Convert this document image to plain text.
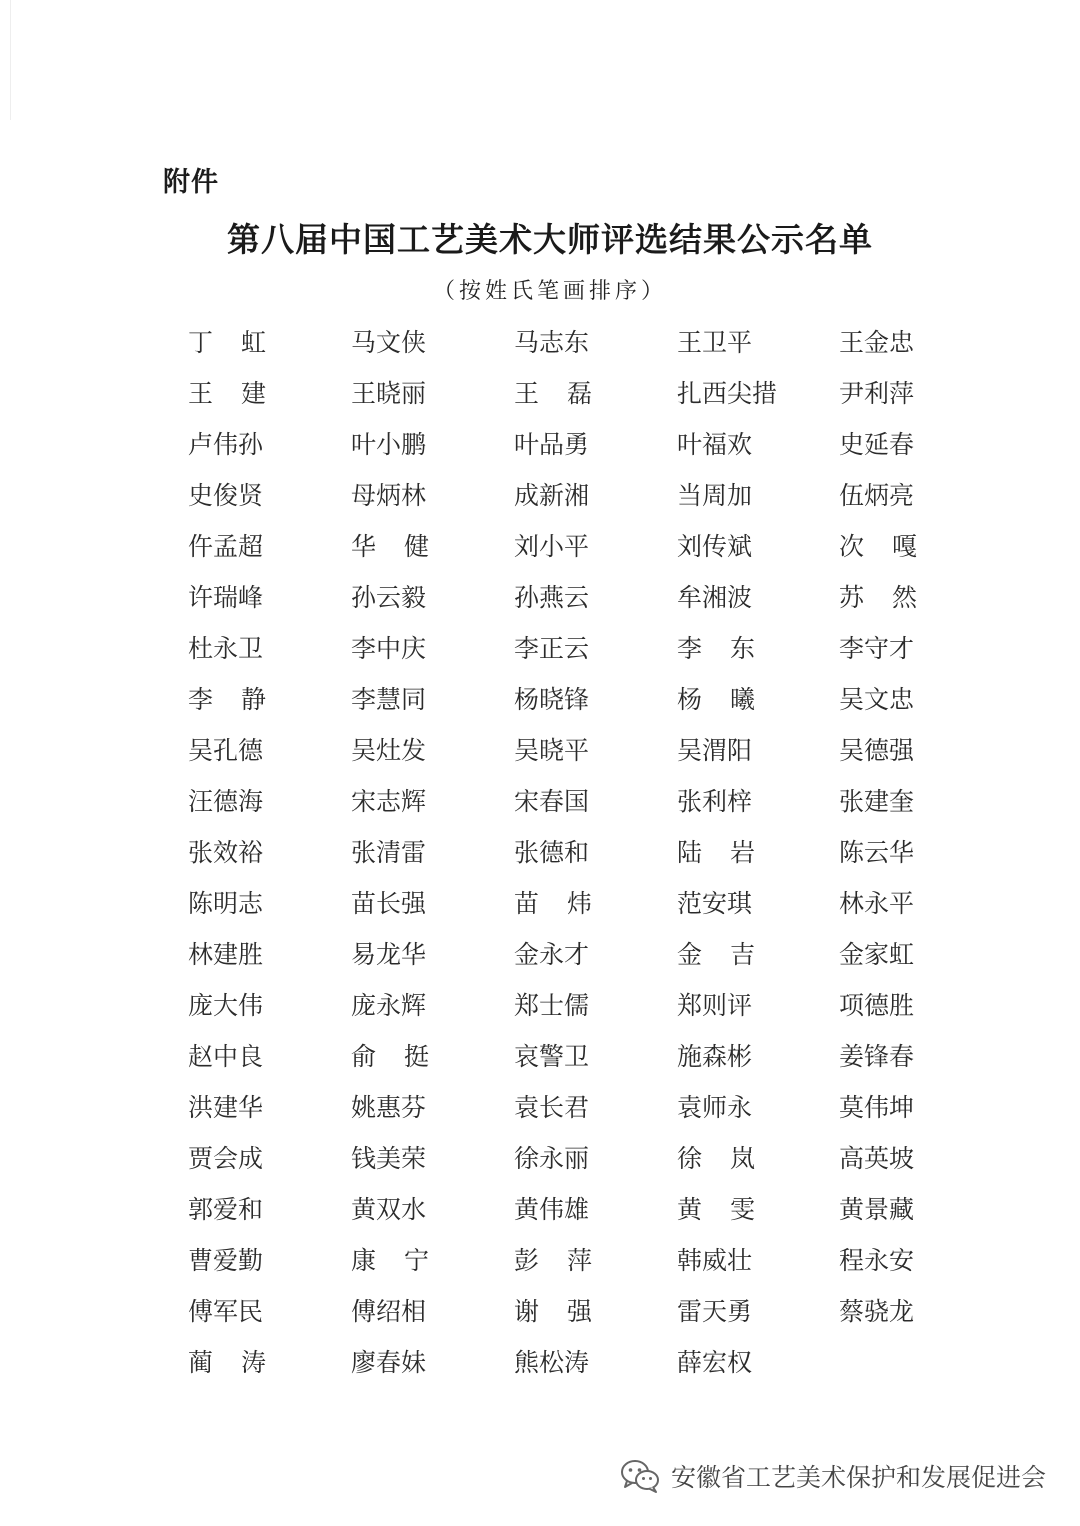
附件
第八届中国工艺美术大师评选结果公示名单
（按姓氏笔画排序）
丁 虹	马文侠	马志东	王卫平	王金忠
王 建	王晓丽	王 磊	扎西尖措	尹利萍
卢伟孙	叶小鹏	叶品勇	叶福欢	史延春
史俊贤	母炳林	成新湘	当周加	伍炳亮
仵孟超	华 健	刘小平	刘传斌	次 嘎
许瑞峰	孙云毅	孙燕云	牟湘波	苏 然
杜永卫	李中庆	李正云	李 东	李守才
李 静	李慧同	杨晓锋	杨 曦	吴文忠
吴孔德	吴灶发	吴晓平	吴渭阳	吴德强
汪德海	宋志辉	宋春国	张利梓	张建奎
张效裕	张清雷	张德和	陆 岩	陈云华
陈明志	苗长强	苗 炜	范安琪	林永平
林建胜	易龙华	金永才	金 吉	金家虹
庞大伟	庞永辉	郑士儒	郑则评	项德胜
赵中良	俞 挺	哀警卫	施森彬	姜锋春
洪建华	姚惠芬	袁长君	袁师永	莫伟坤
贾会成	钱美荣	徐永丽	徐 岚	高英坡
郭爱和	黄双水	黄伟雄	黄 雯	黄景藏
曹爱勤	康 宁	彭 萍	韩威壮	程永安
傅军民	傅绍相	谢 强	雷天勇	蔡骁龙
蔺 涛	廖春妹	熊松涛	薛宏权
安徽省工艺美术保护和发展促进会
